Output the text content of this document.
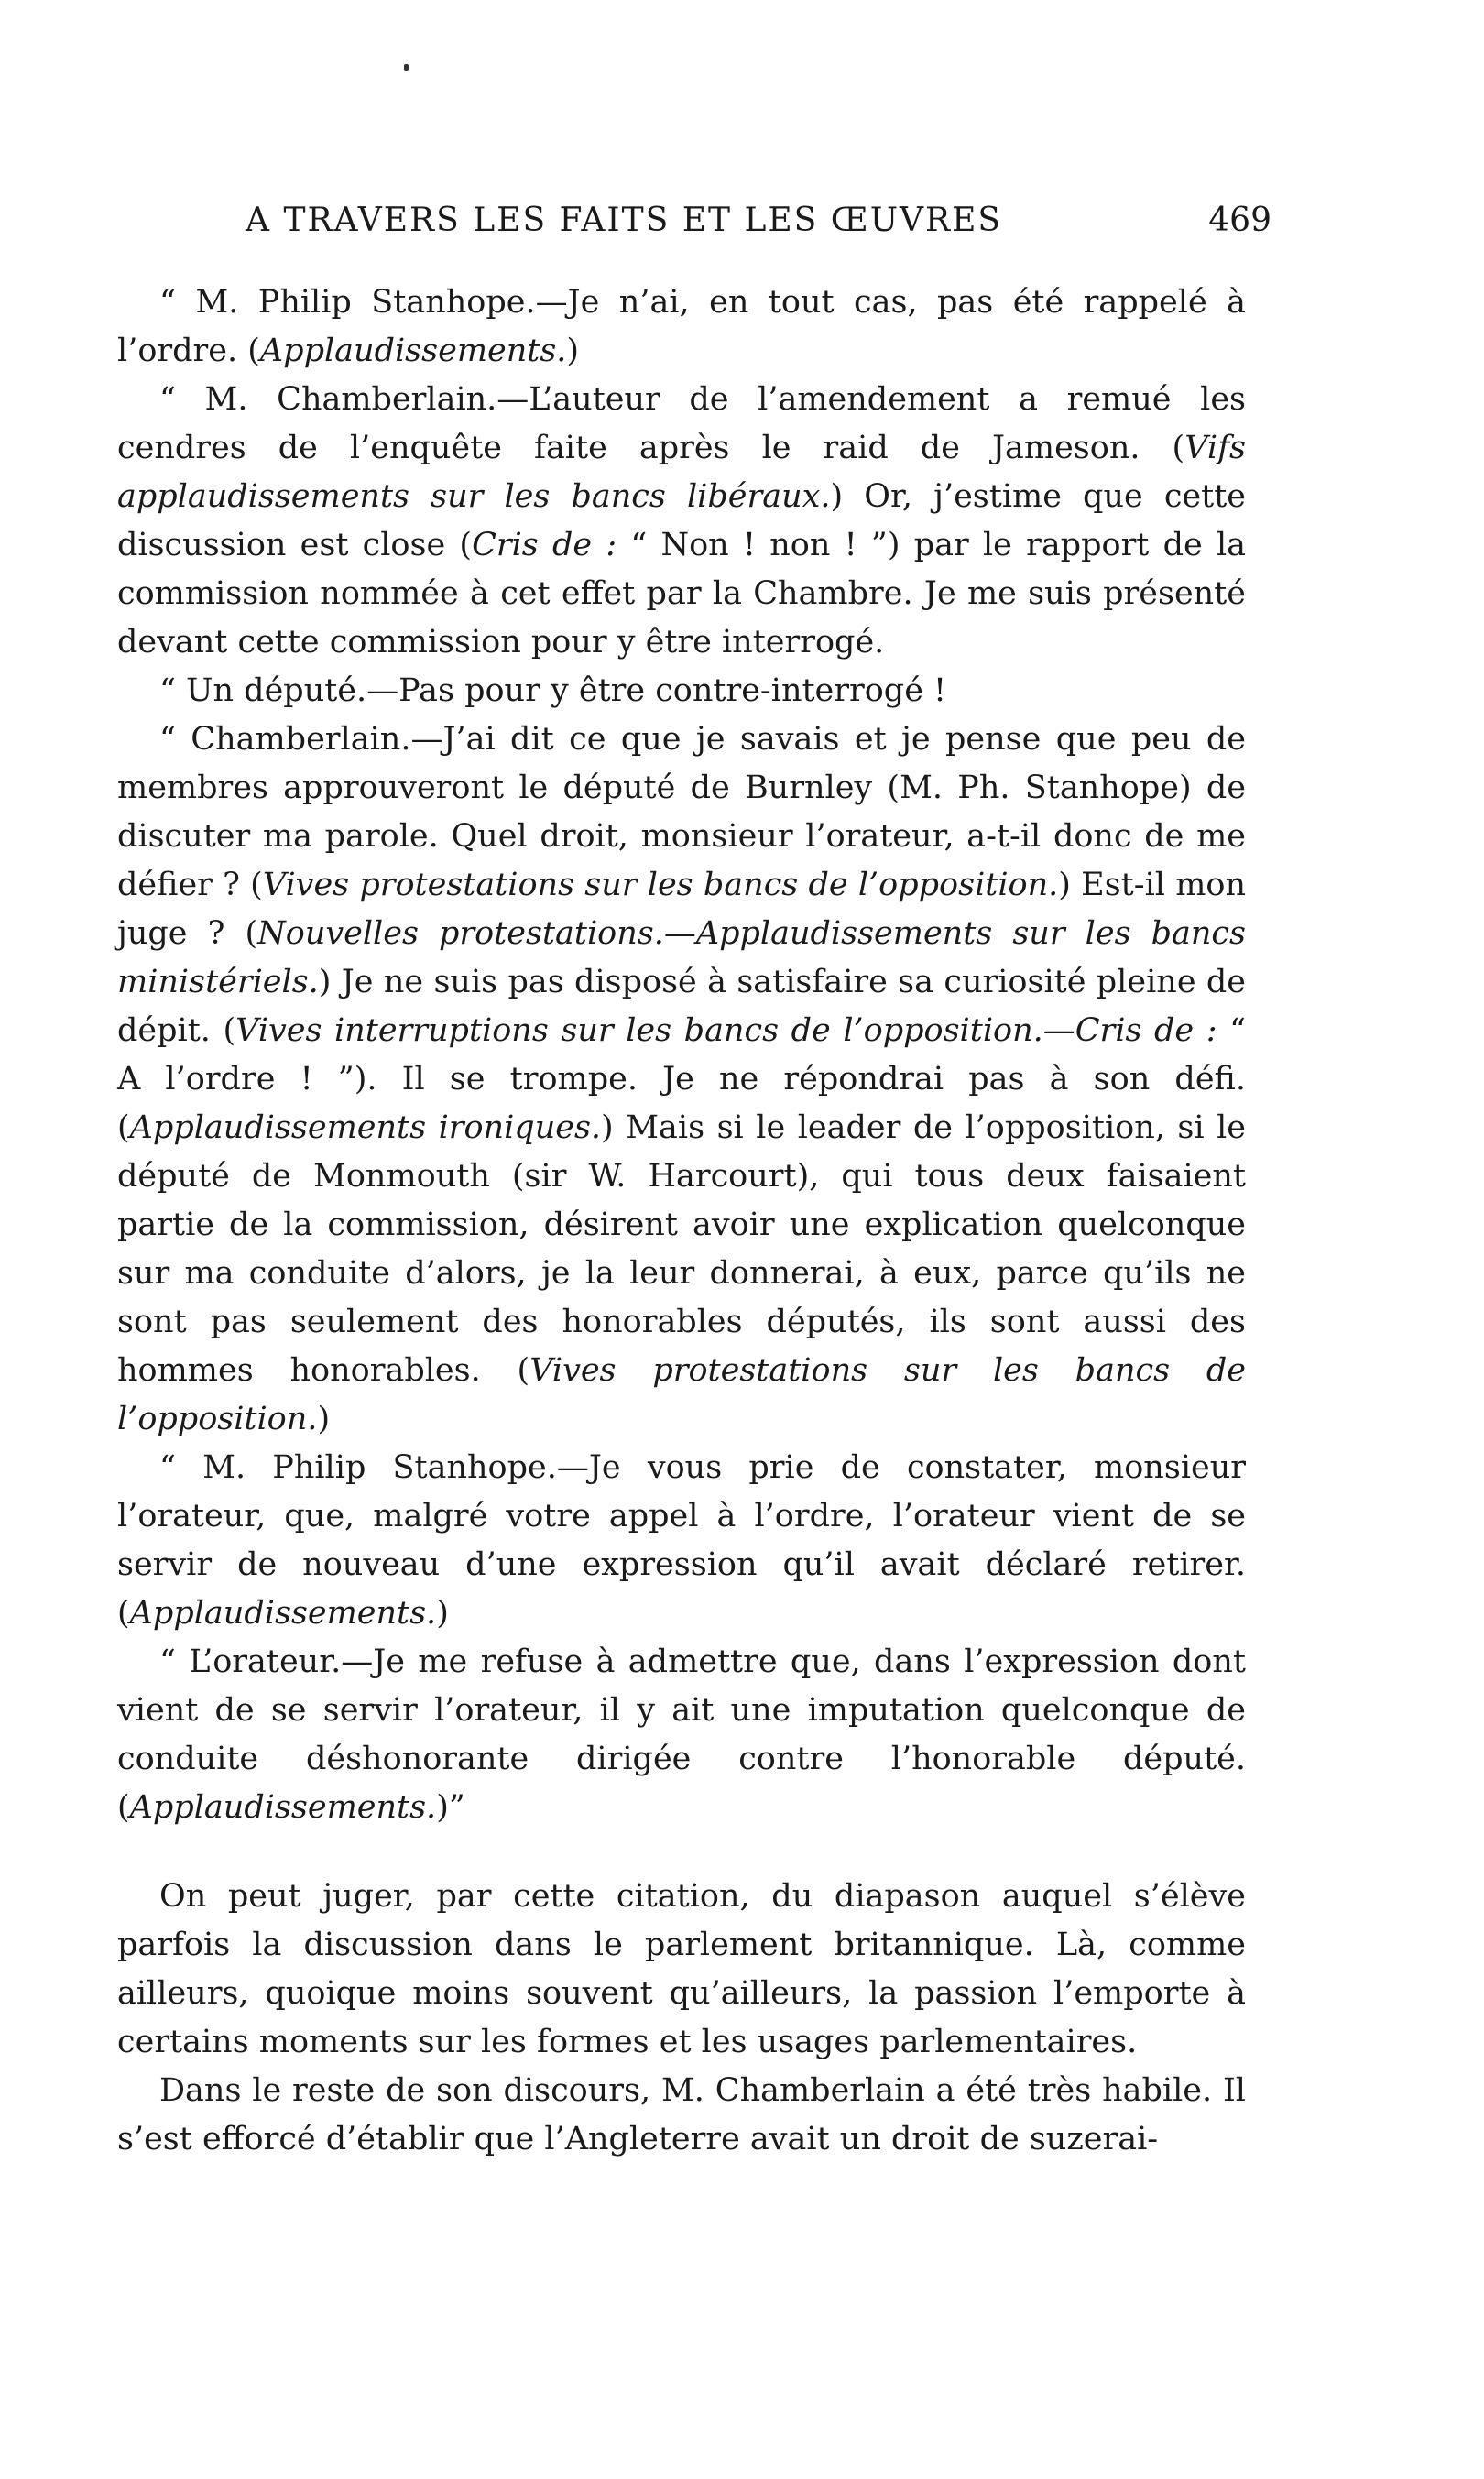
A TRAVERS LES FAITS ET LES ŒUVRES	469

“ M. Philip Stanhope.—Je n’ai, en tout cas, pas été rappelé à l’ordre. (Applaudissements.)

“ M. Chamberlain.—L’auteur de l’amendement a remué les cendres de l’enquête faite après le raid de Jameson. (Vifs applaudissements sur les bancs libéraux.) Or, j’estime que cette discussion est close (Cris de : “ Non ! non ! ”) par le rapport de la commission nommée à cet effet par la Chambre. Je me suis présenté devant cette commission pour y être interrogé.

“ Un député.—Pas pour y être contre-interrogé !

“ Chamberlain.—J’ai dit ce que je savais et je pense que peu de membres approuveront le député de Burnley (M. Ph. Stanhope) de discuter ma parole. Quel droit, monsieur l’orateur, a-t-il donc de me défier ? (Vives protestations sur les bancs de l’opposition.) Est-il mon juge ? (Nouvelles protestations.—Applaudissements sur les bancs ministériels.) Je ne suis pas disposé à satisfaire sa curiosité pleine de dépit. (Vives interruptions sur les bancs de l’opposition.—Cris de : “ A l’ordre ! ”). Il se trompe. Je ne répondrai pas à son défi. (Applaudissements ironiques.) Mais si le leader de l’opposition, si le député de Monmouth (sir W. Harcourt), qui tous deux faisaient partie de la commission, désirent avoir une explication quelconque sur ma conduite d’alors, je la leur donnerai, à eux, parce qu’ils ne sont pas seulement des honorables députés, ils sont aussi des hommes honorables. (Vives protestations sur les bancs de l’opposition.)

“ M. Philip Stanhope.—Je vous prie de constater, monsieur l’orateur, que, malgré votre appel à l’ordre, l’orateur vient de se servir de nouveau d’une expression qu’il avait déclaré retirer. (Applaudissements.)

“ L’orateur.—Je me refuse à admettre que, dans l’expression dont vient de se servir l’orateur, il y ait une imputation quelconque de conduite déshonorante dirigée contre l’honorable député. (Applaudissements.)”

On peut juger, par cette citation, du diapason auquel s’élève parfois la discussion dans le parlement britannique. Là, comme ailleurs, quoique moins souvent qu’ailleurs, la passion l’emporte à certains moments sur les formes et les usages parlementaires.

Dans le reste de son discours, M. Chamberlain a été très habile. Il s’est efforcé d’établir que l’Angleterre avait un droit de suzerai-
